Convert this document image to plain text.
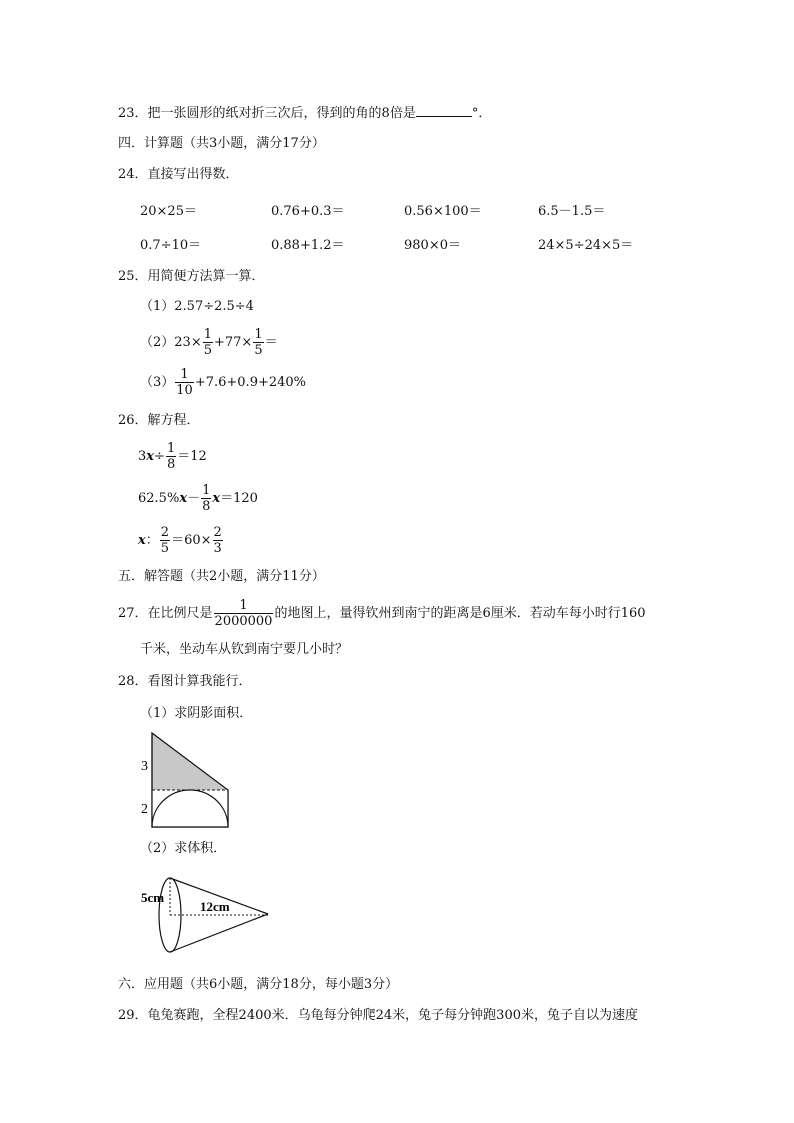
23．把一张圆形的纸对折三次后，得到的角的8倍是	°．
四．计算题（共3小题，满分17分）
24．直接写出得数．
20×25＝	0.76+0.3＝	0.56×100＝	6.5－1.5＝
0.7÷10＝	0.88+1.2＝	980×0＝	24×5÷24×5＝
25．用简便方法算一算．
（1）2.57÷2.5÷4
$(2)23\times \frac{1}{5} +77\times \frac{1}{5}$ ＝
$(3) \frac{1}{10} +7.6+0.9+240\%$
26．解方程．
$3x\div \frac{1}{8} =12$
$62.5\%x- \frac{1}{8} x=120$
x： $\frac{2}{5} =60\times \frac{2}{3}$
五．解答题（共2小题，满分11分）
27．在比例尺是 $\frac{1}{2000000}$ 的地图上，量得钦州到南宁的距离是6厘米．若动车每小时行160
千米，坐动车从钦到南宁要几小时？
28．看图计算我能行．
（1）求阴影面积．
3
2
（2）求体积．
5cm
12cm
六．应用题（共6小题，满分18分，每小题3分）
29．龟兔赛跑，全程2400米．乌龟每分钟爬24米，兔子每分钟跑300米，兔子自以为速度
